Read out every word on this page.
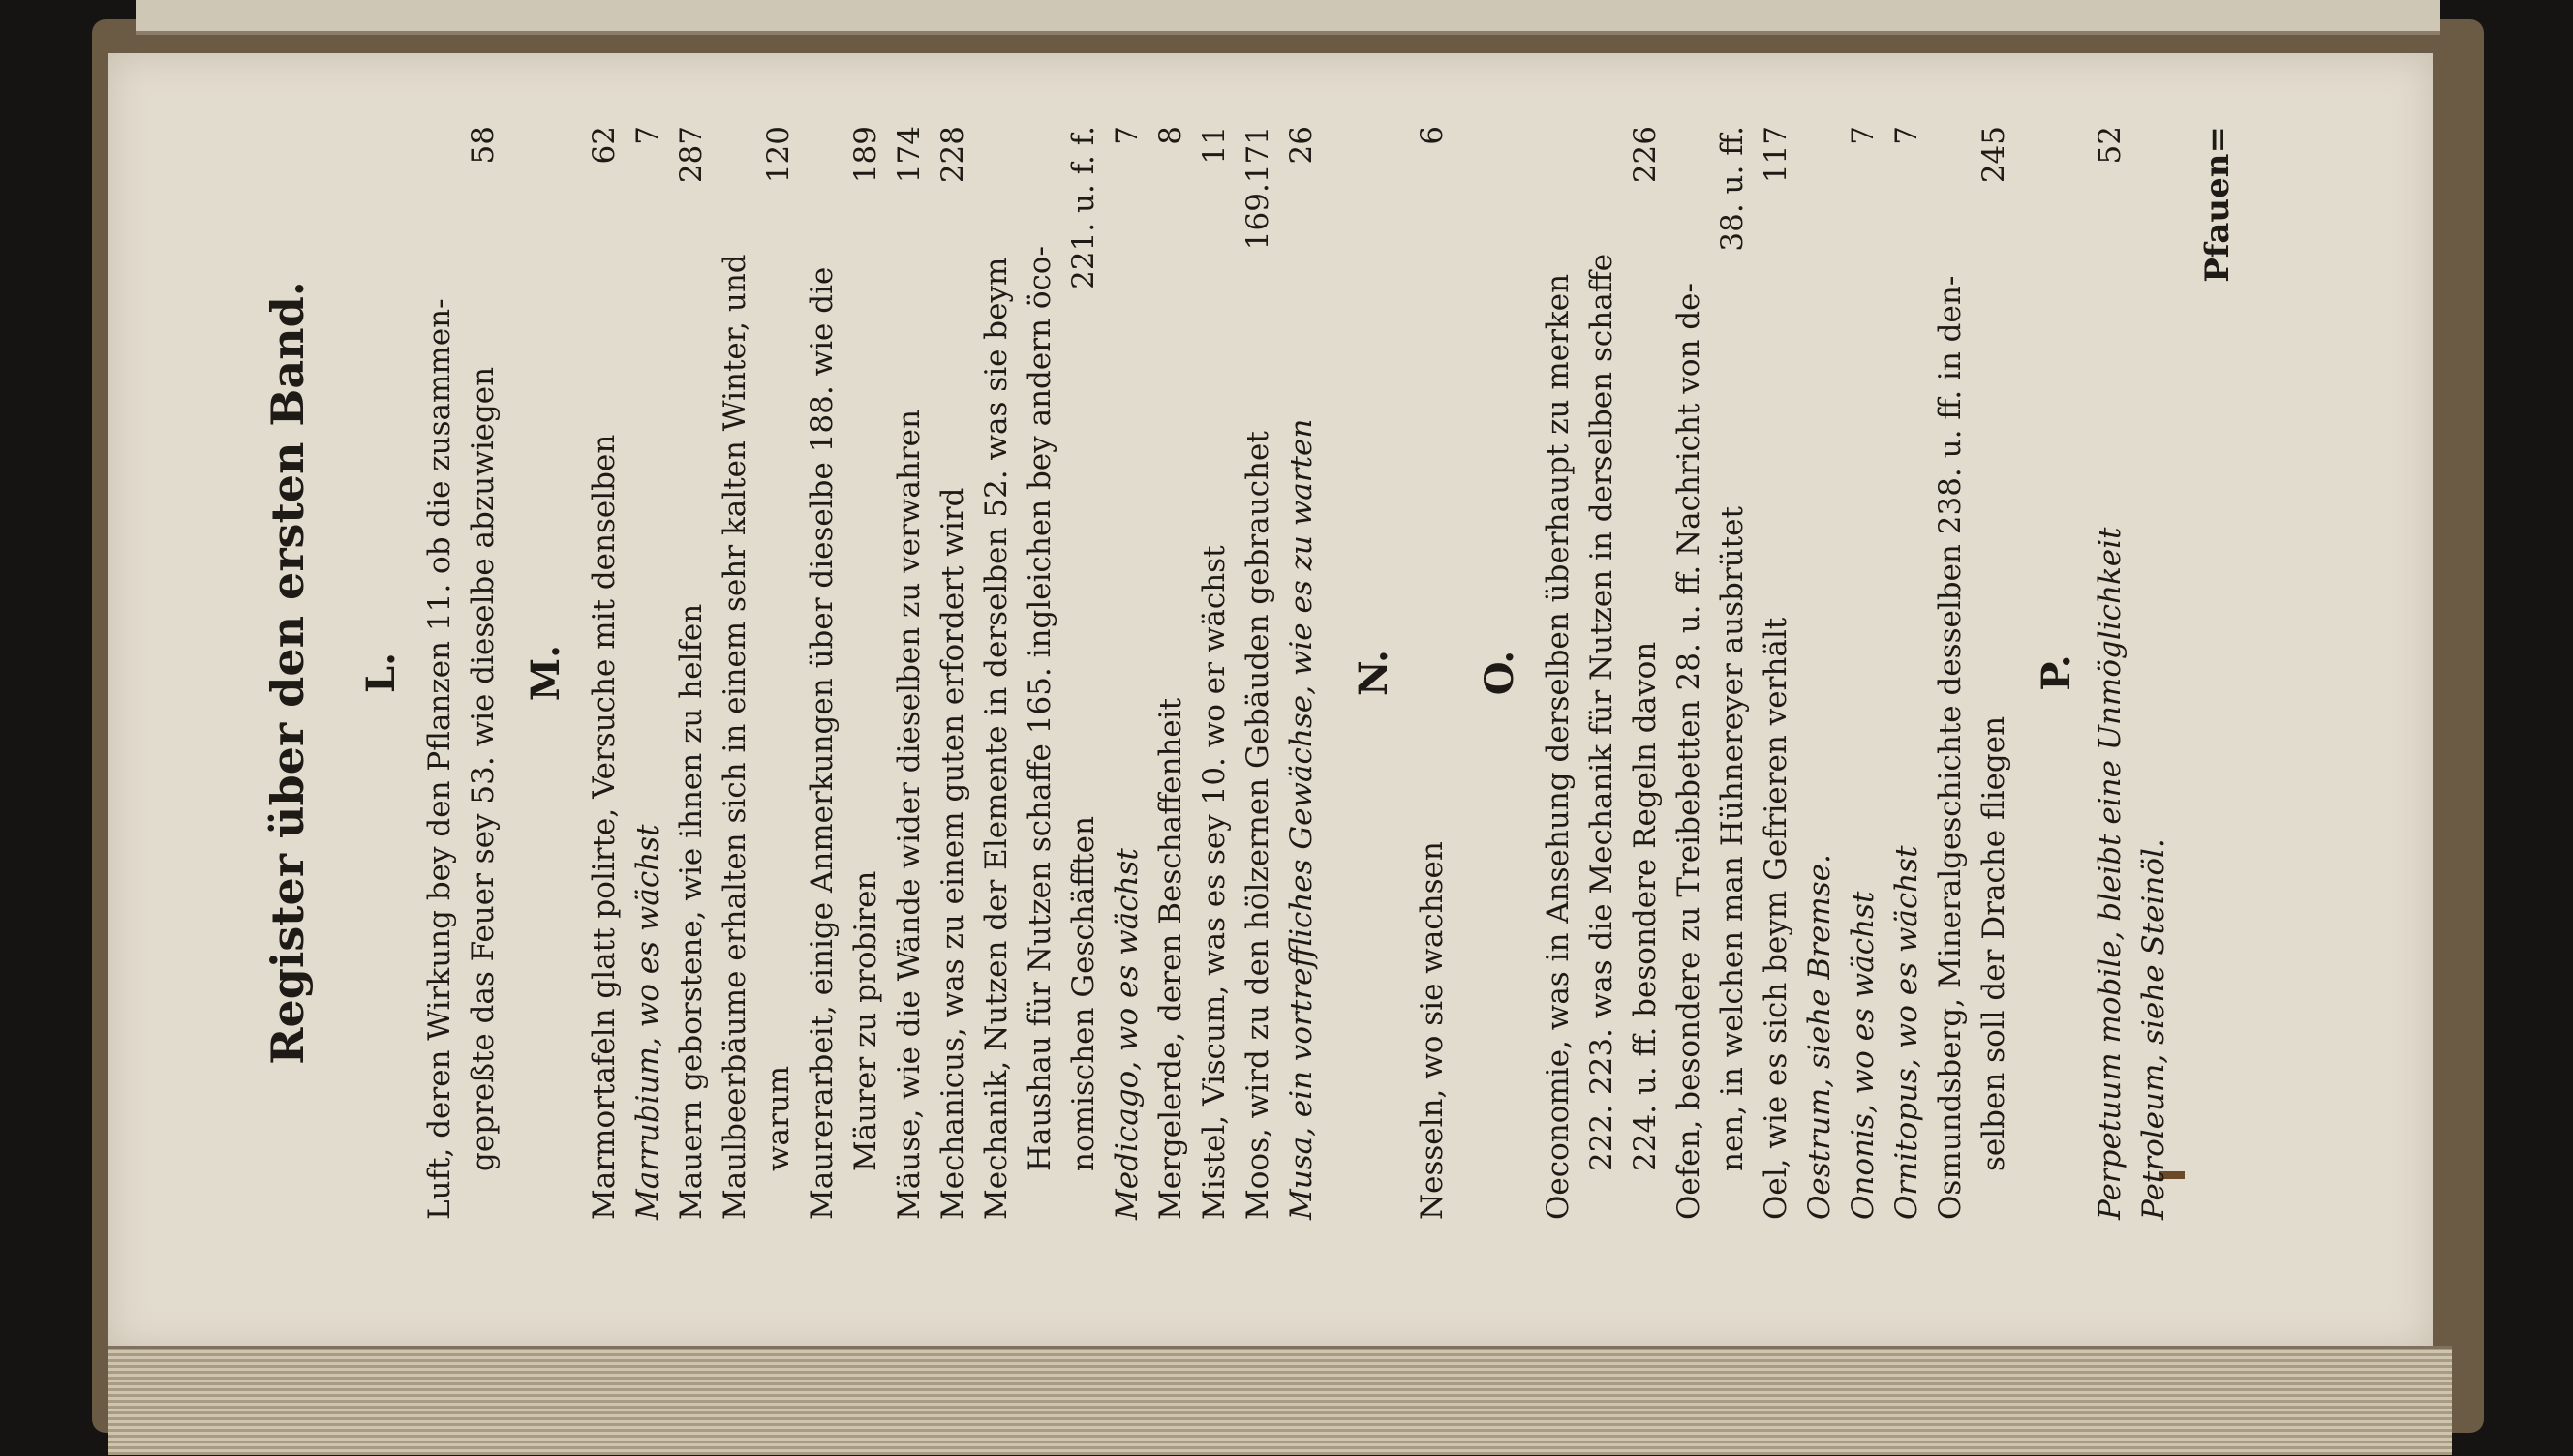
Register über den ersten Band. L. Luft, deren Wirkung bey den Pflanzen 11. ob die zusammen- gepreßte das Feuer sey 53. wie dieselbe abzuwiegen
58
M. Marmortafeln glatt polirte, Versuche mit denselben
62
Marrubium, wo es wächst
7
Mauern geborstene, wie ihnen zu helfen
287
Maulbeerbäume erhalten sich in einem sehr kalten Winter, und warum
120
Maurerarbeit, einige Anmerkungen über dieselbe 188. wie die Mäurer zu probiren
189
Mäuse, wie die Wände wider dieselben zu verwahren
174
Mechanicus, was zu einem guten erfordert wird
228
Mechanik, Nutzen der Elemente in derselben 52. was sie beym Haushau für Nutzen schaffe 165. ingleichen bey andern öco- nomischen Geschäfften
221. u. f. f.
Medicago, wo es wächst
7
Mergelerde, deren Beschaffenheit
8
Mistel, Viscum, was es sey 10. wo er wächst
11
Moos, wird zu den hölzernen Gebäuden gebrauchet
169.171
Musa, ein vortreffliches Gewächse, wie es zu warten
26
N.
Nesseln, wo sie wachsen
6
O. Oeconomie, was in Ansehung derselben überhaupt zu merken 222. 223. was die Mechanik für Nutzen in derselben schaffe 224. u. ff. besondere Regeln davon
226
Oefen, besondere zu Treibebetten 28. u. ff. Nachricht von de- nen, in welchen man Hühnereyer ausbrütet
38. u. ff.
Oel, wie es sich beym Gefrieren verhält
117
Oestrum, siehe Bremse. Ononis, wo es wächst
7
Ornitopus, wo es wächst
7
Osmundsberg, Mineralgeschichte desselben 238. u. ff. in den- selben soll der Drache fliegen
245
P. Perpetuum mobile, bleibt eine Unmöglichkeit
52
Petroleum, siehe Steinöl.
Pfauen=
